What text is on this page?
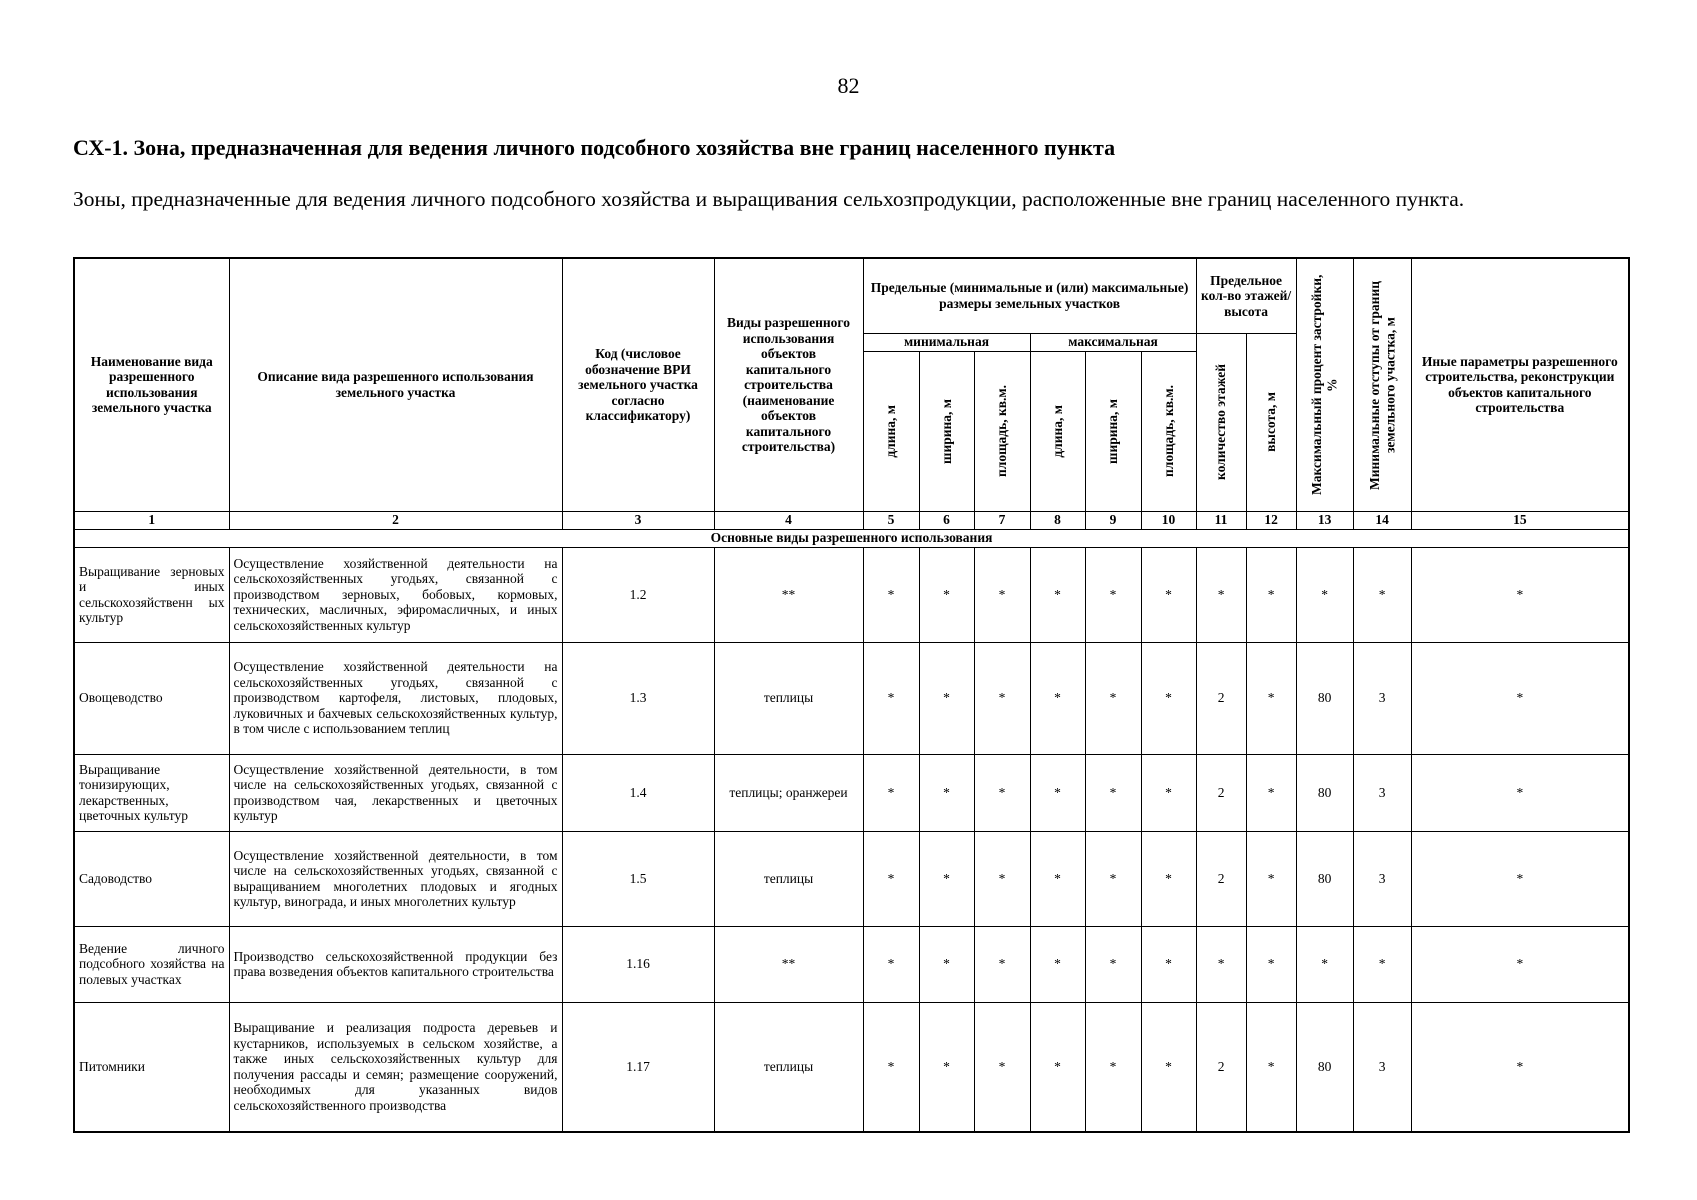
82
СХ-1. Зона, предназначенная для ведения личного подсобного хозяйства вне границ населенного пункта
Зоны, предназначенные для ведения личного подсобного хозяйства и выращивания сельхозпродукции, расположенные вне границ населенного пункта.
Наименование вида разрешенного использования земельного участка	Описание вида разрешенного использования земельного участка	Код (числовое обозначение ВРИ земельного участка согласно классификатору)	Виды разрешенного использования объектов капитального строительства (наименование объектов капитального строительства)	Предельные (минимальные и (или) максимальные) размеры земельных участков						Предельное кол-во этажей/ высота		Максимальный процент застройки, %	Минимальные отступы от границ земельного участка, м	Иные параметры разрешенного строительства, реконструкции объектов капитального строительства
				минимальная			максимальная			количество этажей	высота, м			

				длина, м	ширина, м	площадь, кв.м.	длина, м	ширина, м	площадь, кв.м.					

1	2	3	4	5	6	7	8	9	10	11	12	13	14	15
Основные виды разрешенного использования														
Выращивание зерновых и иных сельскохозяйственн ых культур	Осуществление хозяйственной деятельности на сельскохозяйственных угодьях, связанной с производством зерновых, бобовых, кормовых, технических, масличных, эфиромасличных, и иных сельскохозяйственных культур	1.2	**	*	*	*	*	*	*	*	*	*	*	*
Овощеводство	Осуществление хозяйственной деятельности на сельскохозяйственных угодьях, связанной с производством картофеля, листовых, плодовых, луковичных и бахчевых сельскохозяйственных культур, в том числе с использованием теплиц	1.3	теплицы	*	*	*	*	*	*	2	*	80	3	*
Выращивание тонизирующих, лекарственных, цветочных культур	Осуществление хозяйственной деятельности, в том числе на сельскохозяйственных угодьях, связанной с производством чая, лекарственных и цветочных культур	1.4	теплицы; оранжереи	*	*	*	*	*	*	2	*	80	3	*
Садоводство	Осуществление хозяйственной деятельности, в том числе на сельскохозяйственных угодьях, связанной с выращиванием многолетних плодовых и ягодных культур, винограда, и иных многолетних культур	1.5	теплицы	*	*	*	*	*	*	2	*	80	3	*
Ведение личного подсобного хозяйства на полевых участках	Производство сельскохозяйственной продукции без права возведения объектов капитального строительства	1.16	**	*	*	*	*	*	*	*	*	*	*	*
Питомники	Выращивание и реализация подроста деревьев и кустарников, используемых в сельском хозяйстве, а также иных сельскохозяйственных культур для получения рассады и семян; размещение сооружений, необходимых для указанных видов сельскохозяйственного производства	1.17	теплицы	*	*	*	*	*	*	2	*	80	3	*
